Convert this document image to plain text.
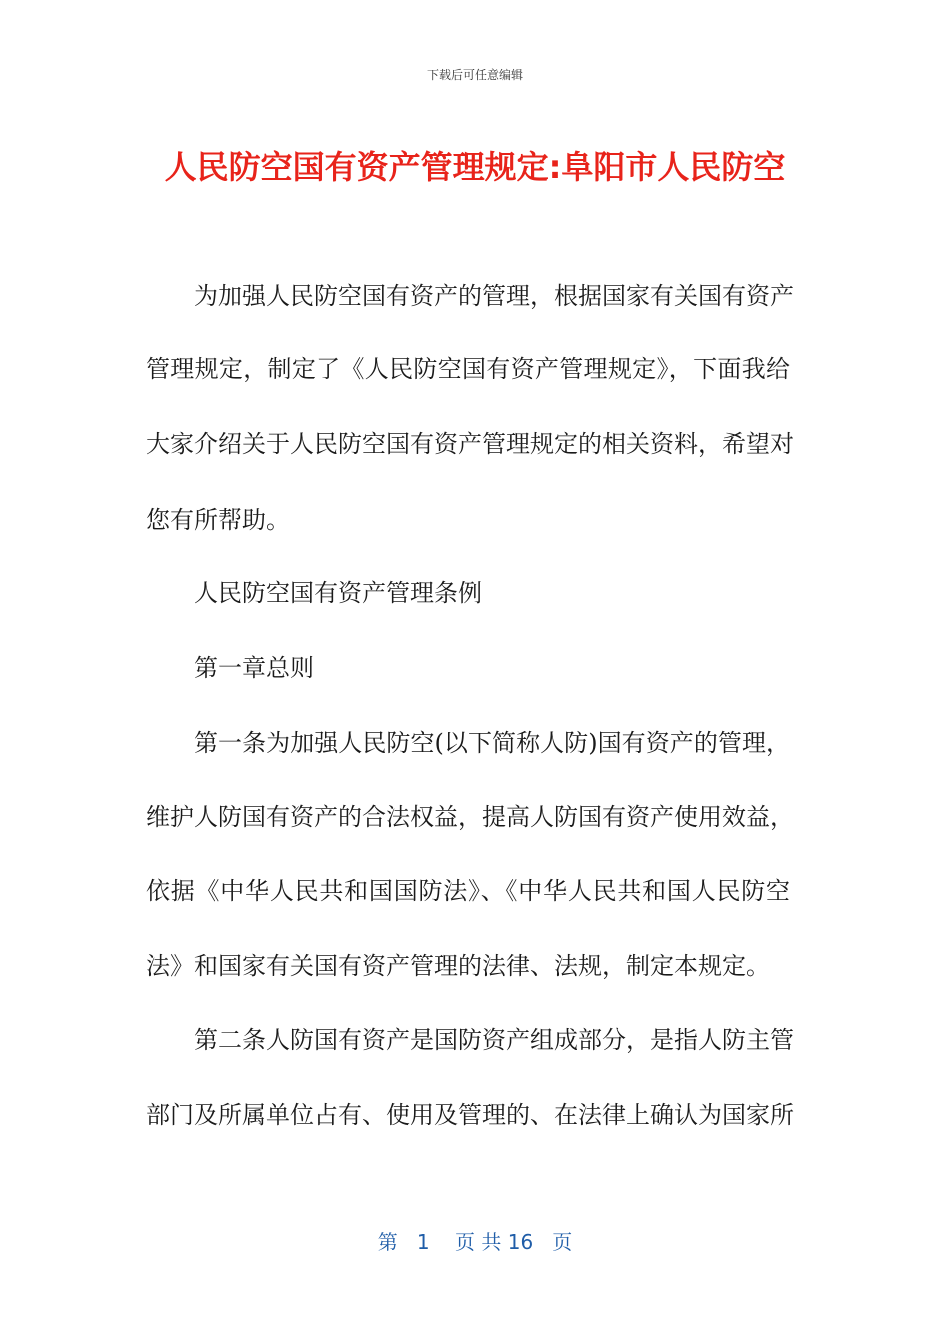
下载后可任意编辑
人民防空国有资产管理规定:阜阳市人民防空
为加强人民防空国有资产的管理，根据国家有关国有资产
管理规定，制定了《人民防空国有资产管理规定》，下面我给
大家介绍关于人民防空国有资产管理规定的相关资料，希望对
您有所帮助。
人民防空国有资产管理条例
第一章总则
第一条为加强人民防空(以下简称人防)国有资产的管理，
维护人防国有资产的合法权益，提高人防国有资产使用效益，
依据《中华人民共和国国防法》、《中华人民共和国人民防空
法》和国家有关国有资产管理的法律、法规，制定本规定。
第二条人防国有资产是国防资产组成部分，是指人防主管
部门及所属单位占有、使用及管理的、在法律上确认为国家所
第 1 页 共 16 页
